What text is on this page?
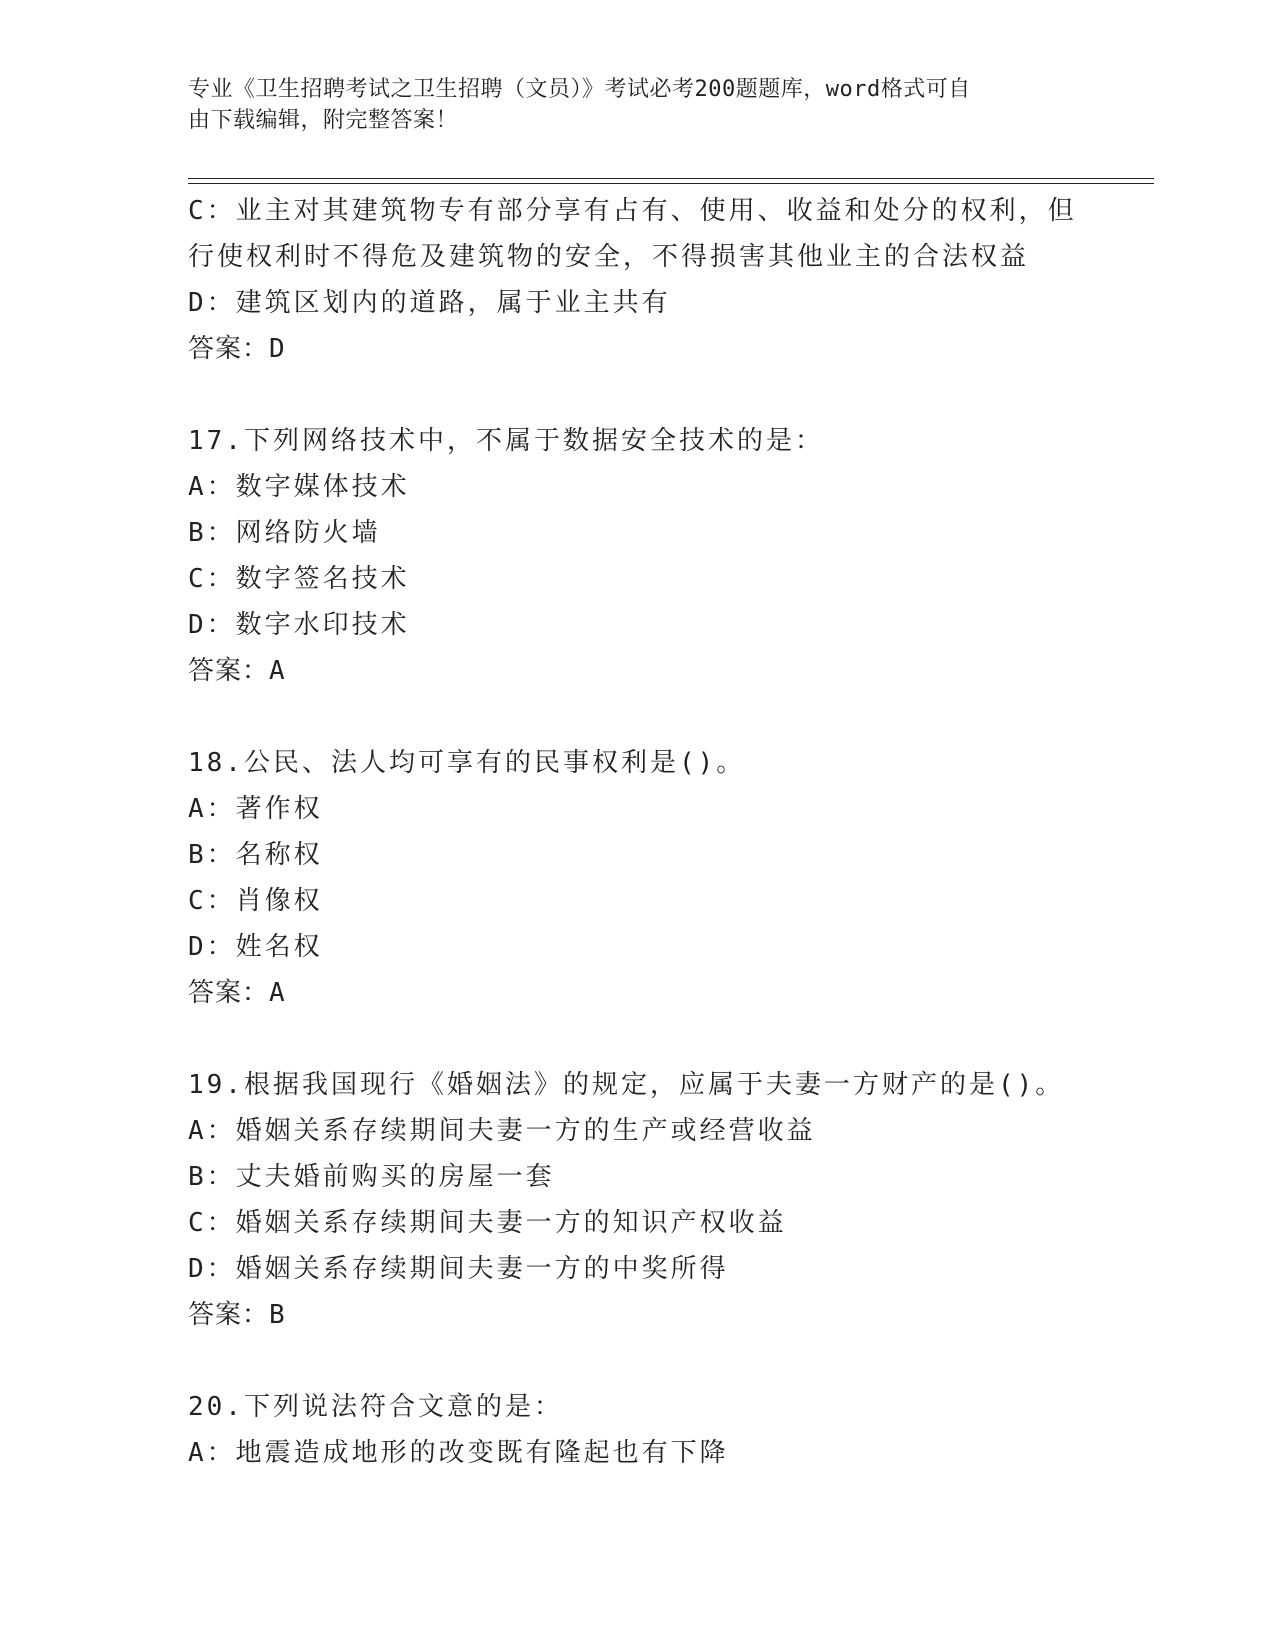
专业《卫生招聘考试之卫生招聘（文员）》考试必考200题题库，word格式可自
由下载编辑，附完整答案！
C：业主对其建筑物专有部分享有占有、使用、收益和处分的权利，但
行使权利时不得危及建筑物的安全，不得损害其他业主的合法权益
D：建筑区划内的道路，属于业主共有
答案：D
17.下列网络技术中，不属于数据安全技术的是：
A：数字媒体技术
B：网络防火墙
C：数字签名技术
D：数字水印技术
答案：A
18.公民、法人均可享有的民事权利是()。
A：著作权
B：名称权
C：肖像权
D：姓名权
答案：A
19.根据我国现行《婚姻法》的规定，应属于夫妻一方财产的是()。
A：婚姻关系存续期间夫妻一方的生产或经营收益
B：丈夫婚前购买的房屋一套
C：婚姻关系存续期间夫妻一方的知识产权收益
D：婚姻关系存续期间夫妻一方的中奖所得
答案：B
20.下列说法符合文意的是：
A：地震造成地形的改变既有隆起也有下降
